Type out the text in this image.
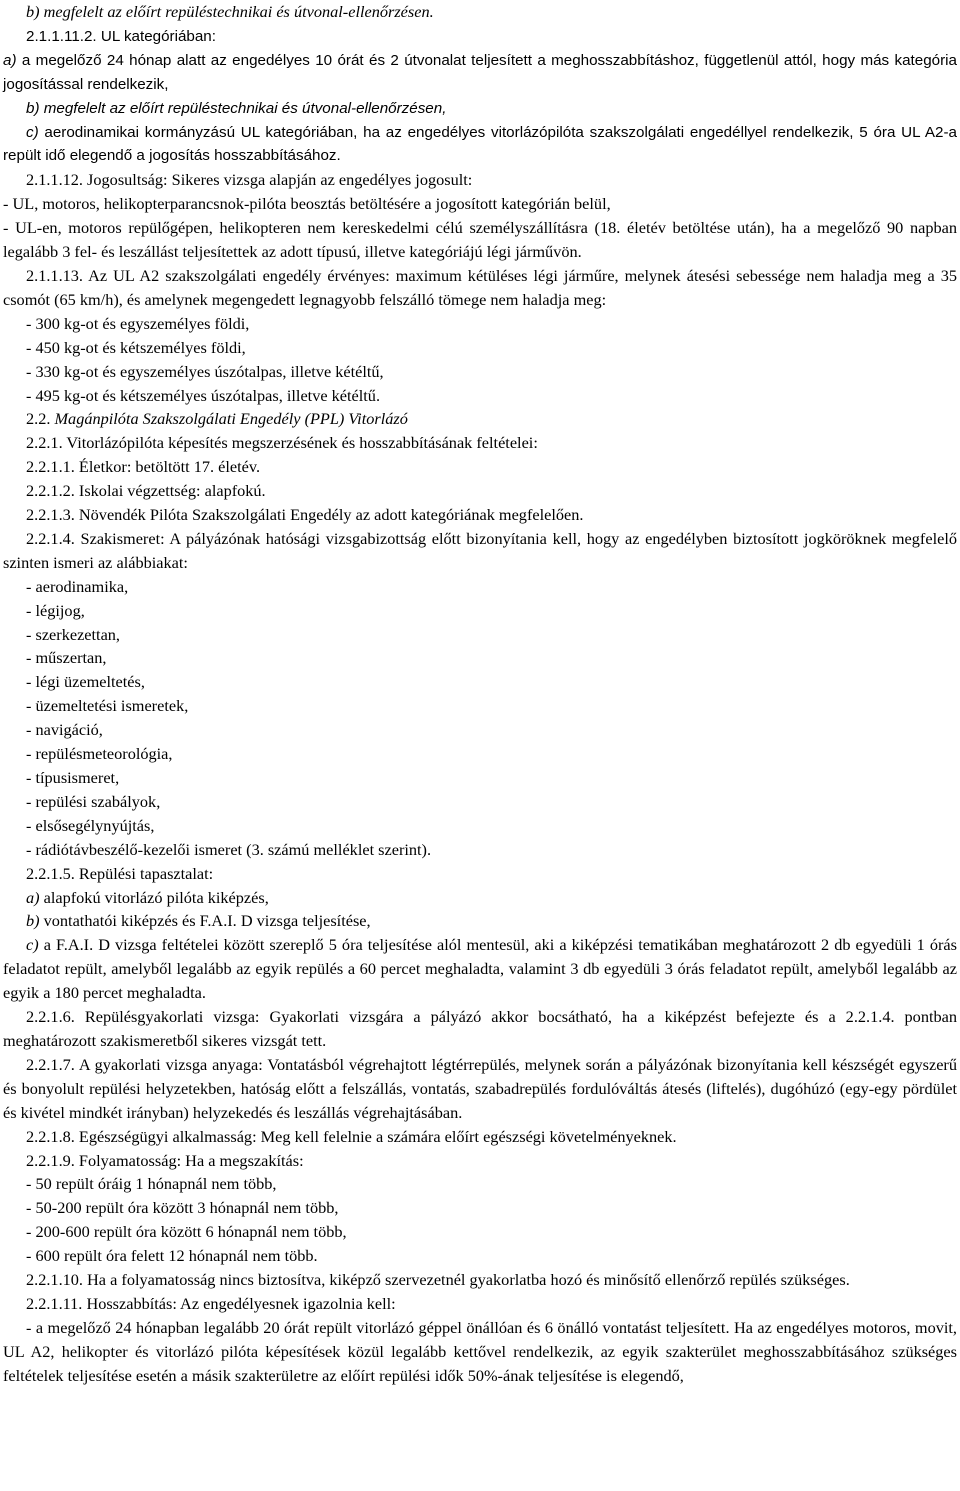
b) megfelelt az előírt repüléstechnikai és útvonal-ellenőrzésen.

2.1.1.11.2. UL kategóriában:

a) a megelőző 24 hónap alatt az engedélyes 10 órát és 2 útvonalat teljesített a meghosszabbításhoz, függetlenül attól, hogy más kategória jogosítással rendelkezik,

b) megfelelt az előírt repüléstechnikai és útvonal-ellenőrzésen,

c) aerodinamikai kormányzású UL kategóriában, ha az engedélyes vitorlázópilóta szakszolgálati engedéllyel rendelkezik, 5 óra UL A2-a repült idő elegendő a jogosítás hosszabbításához.

2.1.1.12. Jogosultság: Sikeres vizsga alapján az engedélyes jogosult:

- UL, motoros, helikopterparancsnok-pilóta beosztás betöltésére a jogosított kategórián belül,

- UL-en, motoros repülőgépen, helikopteren nem kereskedelmi célú személyszállításra (18. életév betöltése után), ha a megelőző 90 napban legalább 3 fel- és leszállást teljesítettek az adott típusú, illetve kategóriájú légi járművön.

2.1.1.13. Az UL A2 szakszolgálati engedély érvényes: maximum kétüléses légi járműre, melynek átesési sebessége nem haladja meg a 35 csomót (65 km/h), és amelynek megengedett legnagyobb felszálló tömege nem haladja meg:

- 300 kg-ot és egyszemélyes földi,

- 450 kg-ot és kétszemélyes földi,

- 330 kg-ot és egyszemélyes úszótalpas, illetve kétéltű,

- 495 kg-ot és kétszemélyes úszótalpas, illetve kétéltű.

2.2. Magánpilóta Szakszolgálati Engedély (PPL) Vitorlázó

2.2.1. Vitorlázópilóta képesítés megszerzésének és hosszabbításának feltételei:

2.2.1.1. Életkor: betöltött 17. életév.

2.2.1.2. Iskolai végzettség: alapfokú.

2.2.1.3. Növendék Pilóta Szakszolgálati Engedély az adott kategóriának megfelelően.

2.2.1.4. Szakismeret: A pályázónak hatósági vizsgabizottság előtt bizonyítania kell, hogy az engedélyben biztosított jogköröknek megfelelő szinten ismeri az alábbiakat:

- aerodinamika,

- légijog,

- szerkezettan,

- műszertan,

- légi üzemeltetés,

- üzemeltetési ismeretek,

- navigáció,

- repülésmeteorológia,

- típusismeret,

- repülési szabályok,

- elsősegélynyújtás,

- rádiótávbeszélő-kezelői ismeret (3. számú melléklet szerint).

2.2.1.5. Repülési tapasztalat:

a) alapfokú vitorlázó pilóta kiképzés,

b) vontathatói kiképzés és F.A.I. D vizsga teljesítése,

c) a F.A.I. D vizsga feltételei között szereplő 5 óra teljesítése alól mentesül, aki a kiképzési tematikában meghatározott 2 db egyedüli 1 órás feladatot repült, amelyből legalább az egyik repülés a 60 percet meghaladta, valamint 3 db egyedüli 3 órás feladatot repült, amelyből legalább az egyik a 180 percet meghaladta.

2.2.1.6. Repülésgyakorlati vizsga: Gyakorlati vizsgára a pályázó akkor bocsátható, ha a kiképzést befejezte és a 2.2.1.4. pontban meghatározott szakismeretből sikeres vizsgát tett.

2.2.1.7. A gyakorlati vizsga anyaga: Vontatásból végrehajtott légtérrepülés, melynek során a pályázónak bizonyítania kell készségét egyszerű és bonyolult repülési helyzetekben, hatóság előtt a felszállás, vontatás, szabadrepülés fordulóváltás átesés (liftelés), dugóhúzó (egy-egy pördület és kivétel mindkét irányban) helyzekedés és leszállás végrehajtásában.

2.2.1.8. Egészségügyi alkalmasság: Meg kell felelnie a számára előírt egészségi követelményeknek.

2.2.1.9. Folyamatosság: Ha a megszakítás:

- 50 repült óráig 1 hónapnál nem több,

- 50-200 repült óra között 3 hónapnál nem több,

- 200-600 repült óra között 6 hónapnál nem több,

- 600 repült óra felett 12 hónapnál nem több.

2.2.1.10. Ha a folyamatosság nincs biztosítva, kiképző szervezetnél gyakorlatba hozó és minősítő ellenőrző repülés szükséges.

2.2.1.11. Hosszabbítás: Az engedélyesnek igazolnia kell:

- a megelőző 24 hónapban legalább 20 órát repült vitorlázó géppel önállóan és 6 önálló vontatást teljesített. Ha az engedélyes motoros, movit, UL A2, helikopter és vitorlázó pilóta képesítések közül legalább kettővel rendelkezik, az egyik szakterület meghosszabbításához szükséges feltételek teljesítése esetén a másik szakterületre az előírt repülési idők 50%-ának teljesítése is elegendő,
